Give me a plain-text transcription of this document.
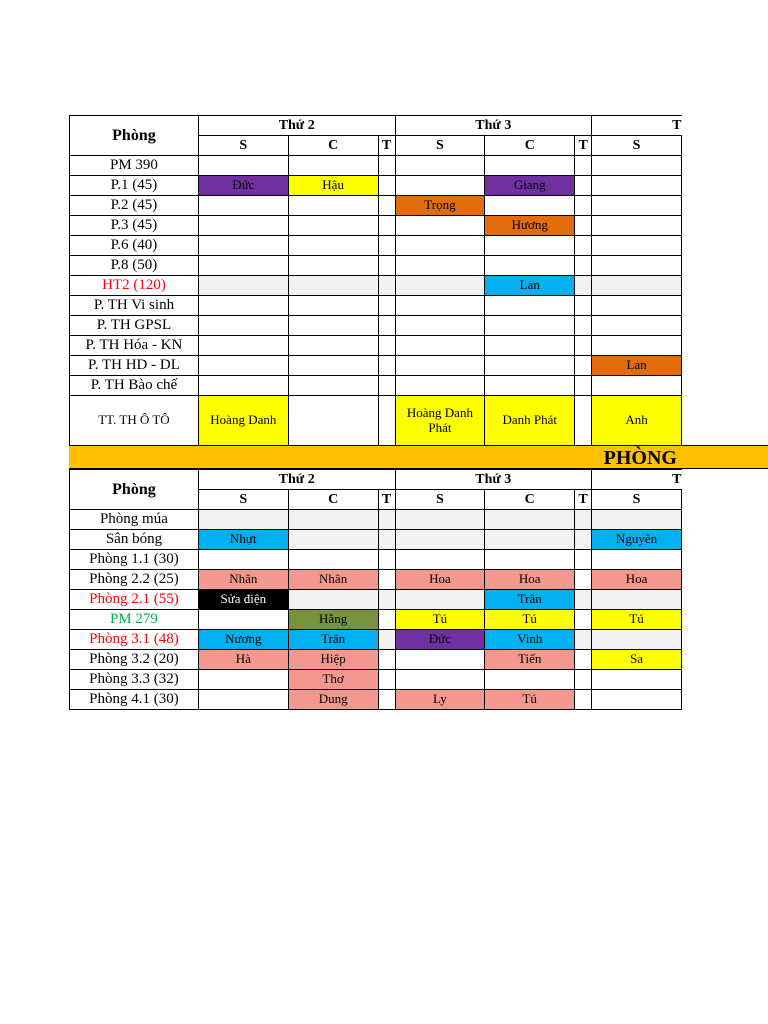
Phòng	Thứ 2			Thứ 3			T
	S	C	T	S	C	T	S
PM 390							
P.1 (45)	Đức	Hậu			Giang		
P.2 (45)				Trọng			
P.3 (45)					Hương		
P.6 (40)							
P.8 (50)							
HT2 (120)					Lan		
P. TH Vi sinh							
P. TH GPSL							
P. TH Hóa - KN							
P. TH HD - DL							Lan
P. TH Bào chế							
TT. TH Ô TÔ	Hoàng Danh			Hoàng Danh Phát	Danh Phát		Anh
Phòng	Thứ 2			Thứ 3			T
	S	C	T	S	C	T	S
Phòng múa							
Sân bóng	Nhựt						Nguyên
Phòng 1.1 (30)							
Phòng 2.2 (25)	Nhân	Nhân		Hoa	Hoa		Hoa
Phòng 2.1 (55)	Sửa điện				Trân		
PM 279		Hằng		Tú	Tú		Tú
Phòng 3.1 (48)	Nương	Trân		Đức	Vinh		
Phòng 3.2 (20)	Hà	Hiệp			Tiến		Sa
Phòng 3.3 (32)		Thơ					
Phòng 4.1 (30)		Dung		Ly	Tú		
PHÒNG
